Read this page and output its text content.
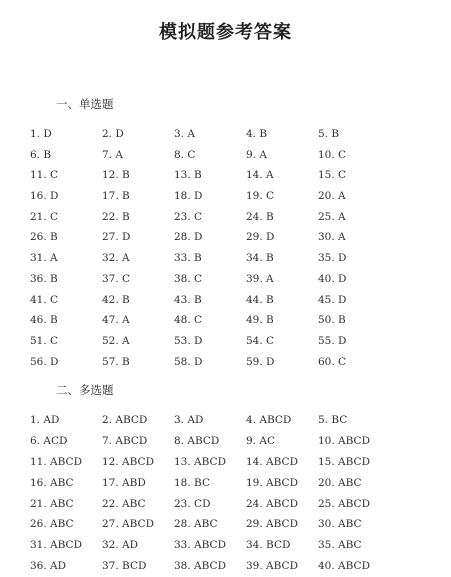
模拟题参考答案
一、单选题
1. D	2. D	3. A	4. B	5. B
6. B	7. A	8. C	9. A	10. C
11. C	12. B	13. B	14. A	15. C
16. D	17. B	18. D	19. C	20. A
21. C	22. B	23. C	24. B	25. A
26. B	27. D	28. D	29. D	30. A
31. A	32. A	33. B	34. B	35. D
36. B	37. C	38. C	39. A	40. D
41. C	42. B	43. B	44. B	45. D
46. B	47. A	48. C	49. B	50. B
51. C	52. A	53. D	54. C	55. D
56. D	57. B	58. D	59. D	60. C
二、多选题
1. AD	2. ABCD	3. AD	4. ABCD	5. BC
6. ACD	7. ABCD	8. ABCD	9. AC	10. ABCD
11. ABCD	12. ABCD	13. ABCD	14. ABCD	15. ABCD
16. ABC	17. ABD	18. BC	19. ABCD	20. ABC
21. ABC	22. ABC	23. CD	24. ABCD	25. ABCD
26. ABC	27. ABCD	28. ABC	29. ABCD	30. ABC
31. ABCD	32. AD	33. ABCD	34. BCD	35. ABC
36. AD	37. BCD	38. ABCD	39. ABCD	40. ABCD
